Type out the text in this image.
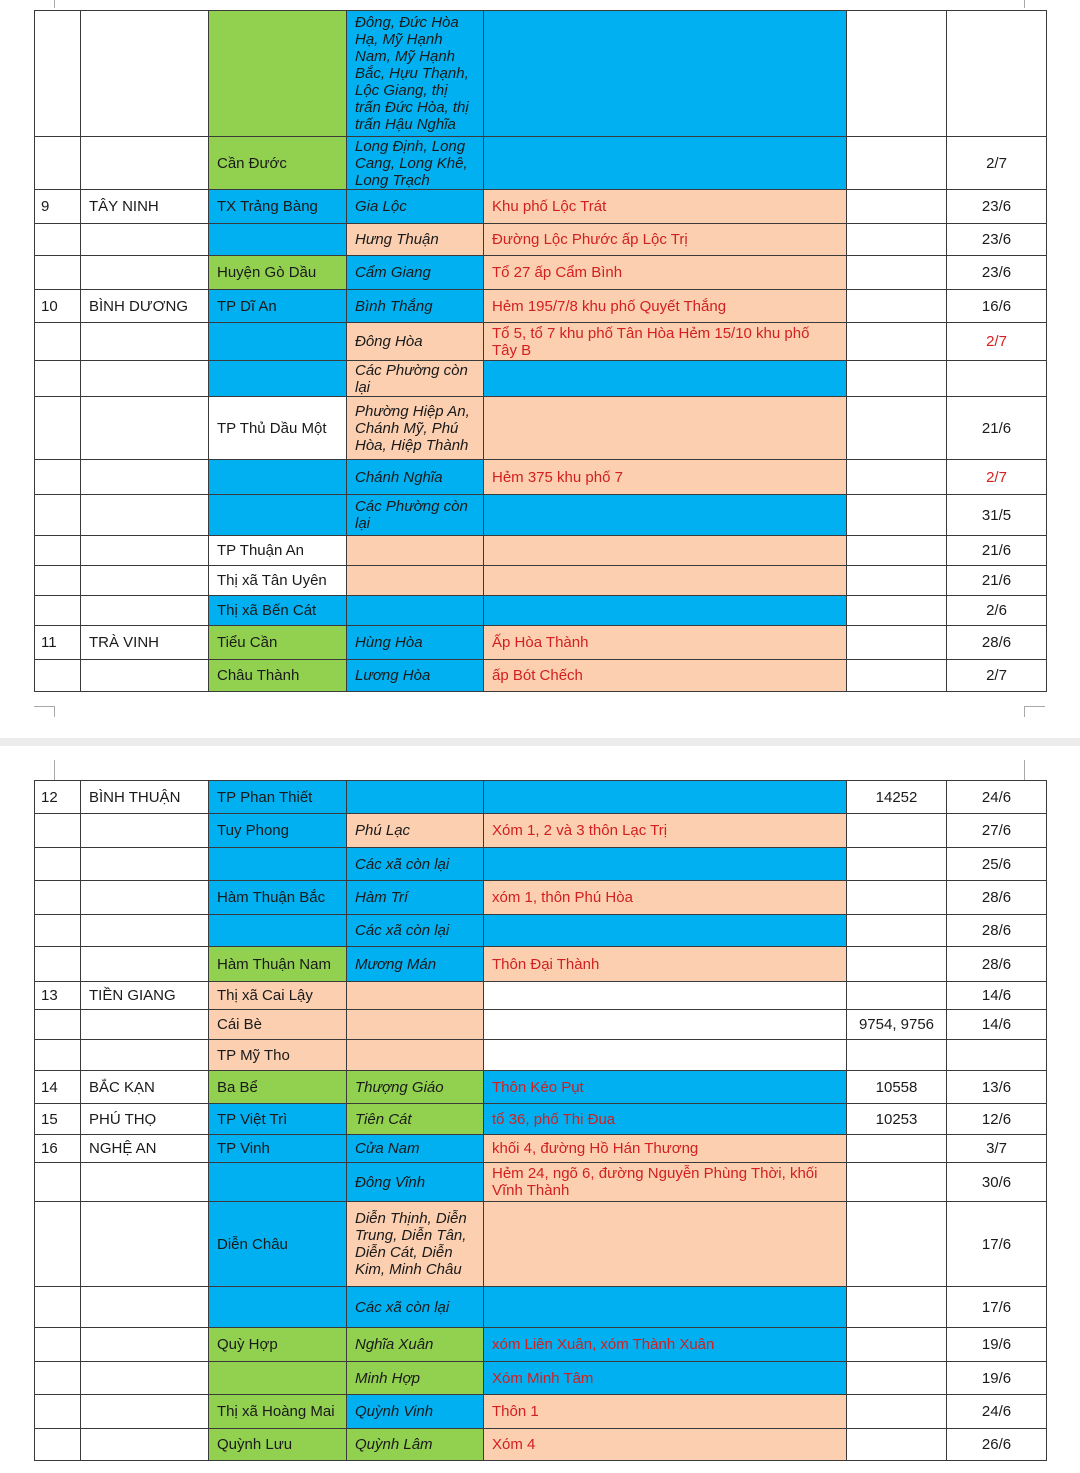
			Đông, Đức Hòa Hạ, Mỹ Hạnh Nam, Mỹ Hạnh Bắc, Hựu Thạnh, Lộc Giang, thị trấn Đức Hòa, thị trấn Hậu Nghĩa			
		Cần Đước	Long Định, Long Cang, Long Khê, Long Trạch			2/7
9	TÂY NINH	TX Trảng Bàng	Gia Lộc	Khu phố Lộc Trát		23/6
			Hưng Thuận	Đường Lộc Phước ấp Lộc Trị		23/6
		Huyện Gò Dầu	Cẩm Giang	Tổ 27 ấp Cẩm Bình		23/6
10	BÌNH DƯƠNG	TP Dĩ An	Bình Thắng	Hẻm 195/7/8 khu phố Quyết Thắng		16/6
			Đông Hòa	Tổ 5, tổ 7 khu phố Tân Hòa Hẻm 15/10 khu phố Tây B		2/7
			Các Phường còn lại			
		TP Thủ Dầu Một	Phường Hiệp An, Chánh Mỹ, Phú Hòa, Hiệp Thành			21/6
			Chánh Nghĩa	Hẻm 375 khu phố 7		2/7
			Các Phường còn lại			31/5
		TP Thuận An				21/6
		Thị xã Tân Uyên				21/6
		Thị xã Bến Cát				2/6
11	TRÀ VINH	Tiểu Cần	Hùng Hòa	Ấp Hòa Thành		28/6
		Châu Thành	Lương Hòa	ấp Bót Chếch		2/7
12	BÌNH THUẬN	TP Phan Thiết			14252	24/6
		Tuy Phong	Phú Lạc	Xóm 1, 2 và 3 thôn Lạc Trị		27/6
			Các xã còn lại			25/6
		Hàm Thuận Bắc	Hàm Trí	xóm 1, thôn Phú Hòa		28/6
			Các xã còn lại			28/6
		Hàm Thuận Nam	Mương Mán	Thôn Đại Thành		28/6
13	TIỀN GIANG	Thị xã Cai Lậy				14/6
		Cái Bè			9754, 9756	14/6
		TP Mỹ Tho				
14	BẮC KẠN	Ba Bể	Thượng Giáo	Thôn Kéo Pụt	10558	13/6
15	PHÚ THỌ	TP Việt Trì	Tiên Cát	tổ 36, phố Thi Đua	10253	12/6
16	NGHỆ AN	TP Vinh	Cửa Nam	khối 4, đường Hồ Hán Thương		3/7
			Đông Vĩnh	Hẻm 24, ngõ 6, đường Nguyễn Phùng Thời, khối Vĩnh Thành		30/6
		Diễn Châu	Diễn Thịnh, Diễn Trung, Diễn Tân, Diễn Cát, Diễn Kim, Minh Châu			17/6
			Các xã còn lại			17/6
		Quỳ Hợp	Nghĩa Xuân	xóm Liên Xuân, xóm Thành Xuân		19/6
			Minh Hợp	Xóm Minh Tâm		19/6
		Thị xã Hoàng Mai	Quỳnh Vinh	Thôn 1		24/6
		Quỳnh Lưu	Quỳnh Lâm	Xóm 4		26/6
